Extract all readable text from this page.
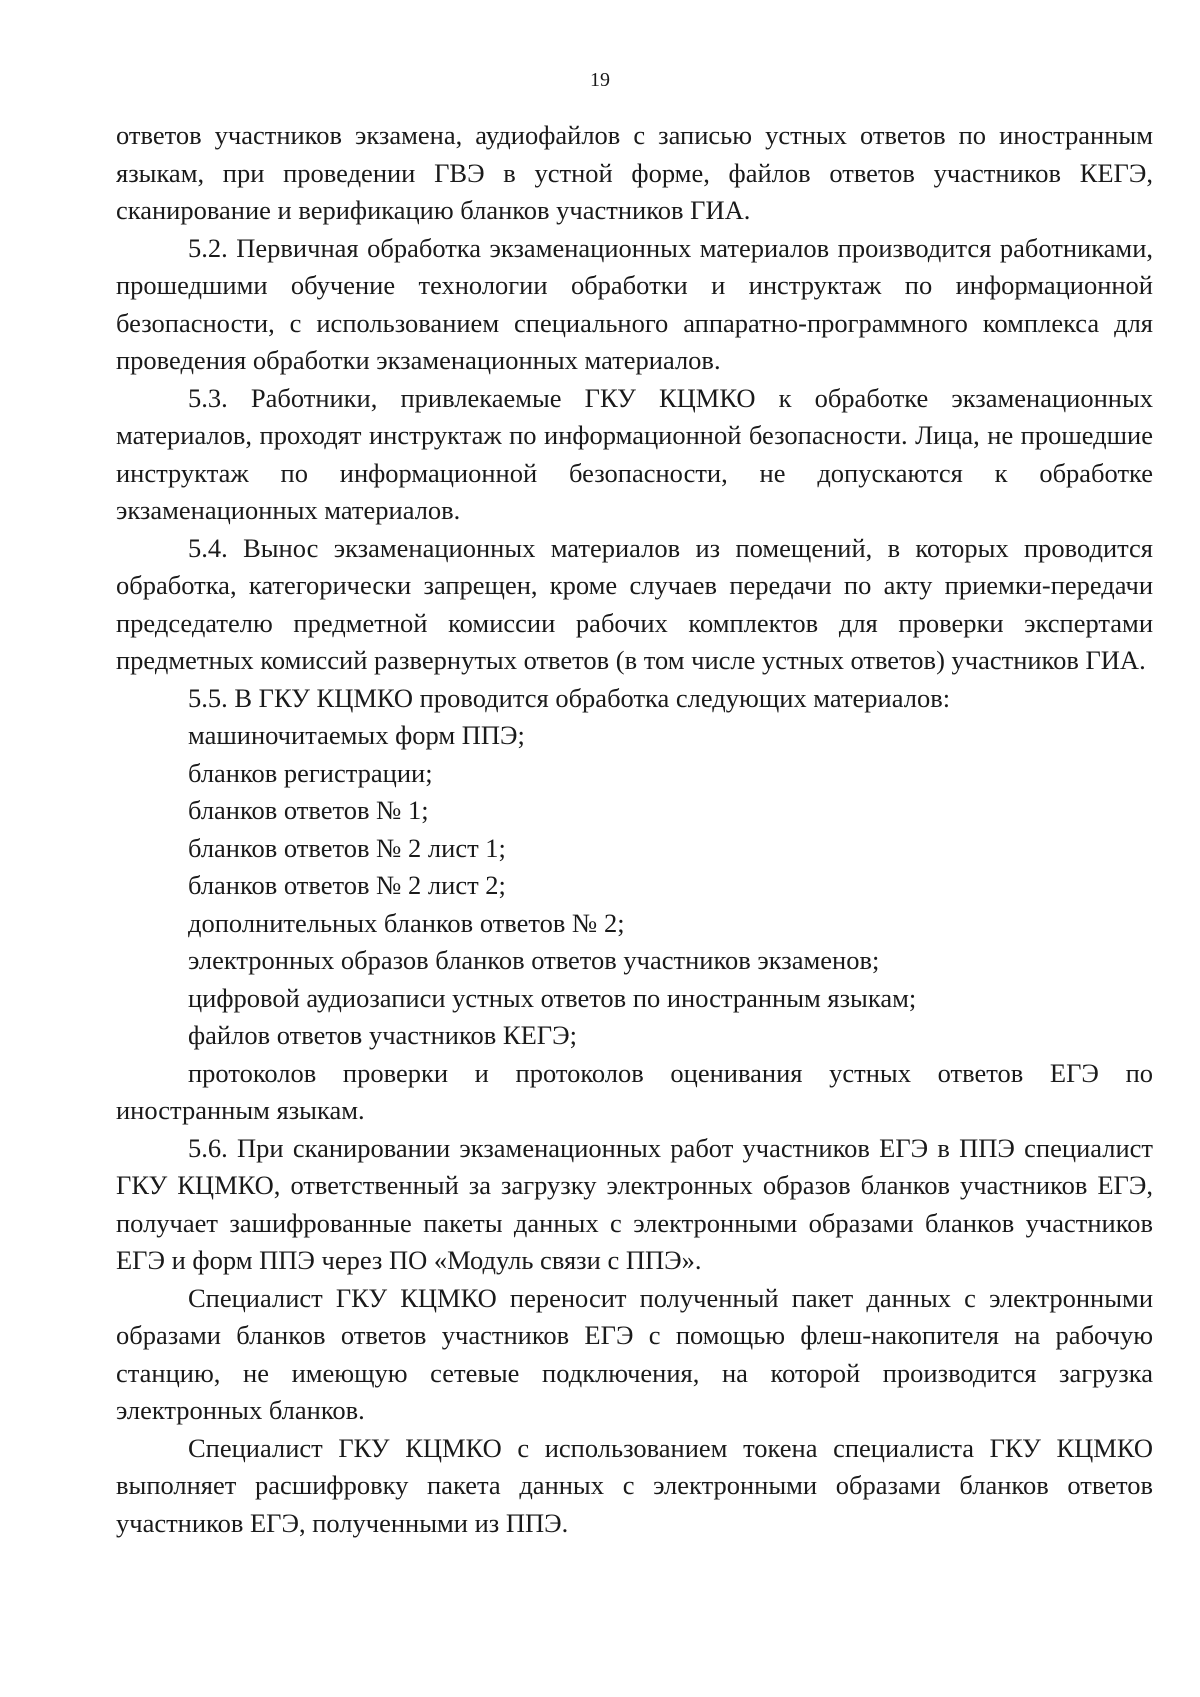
19

ответов участников экзамена, аудиофайлов с записью устных ответов по иностранным языкам, при проведении ГВЭ в устной форме, файлов ответов участников КЕГЭ, сканирование и верификацию бланков участников ГИА.

5.2. Первичная обработка экзаменационных материалов производится работниками, прошедшими обучение технологии обработки и инструктаж по информационной безопасности, с использованием специального аппаратно-программного комплекса для проведения обработки экзаменационных материалов.

5.3. Работники, привлекаемые ГКУ КЦМКО к обработке экзаменационных материалов, проходят инструктаж по информационной безопасности. Лица, не прошедшие инструктаж по информационной безопасности, не допускаются к обработке экзаменационных материалов.

5.4. Вынос экзаменационных материалов из помещений, в которых проводится обработка, категорически запрещен, кроме случаев передачи по акту приемки-передачи председателю предметной комиссии рабочих комплектов для проверки экспертами предметных комиссий развернутых ответов (в том числе устных ответов) участников ГИА.

5.5. В ГКУ КЦМКО проводится обработка следующих материалов:

машиночитаемых форм ППЭ;

бланков регистрации;

бланков ответов № 1;

бланков ответов № 2 лист 1;

бланков ответов № 2 лист 2;

дополнительных бланков ответов № 2;

электронных образов бланков ответов участников экзаменов;

цифровой аудиозаписи устных ответов по иностранным языкам;

файлов ответов участников КЕГЭ;

протоколов проверки и протоколов оценивания устных ответов ЕГЭ по иностранным языкам.

5.6. При сканировании экзаменационных работ участников ЕГЭ в ППЭ специалист ГКУ КЦМКО, ответственный за загрузку электронных образов бланков участников ЕГЭ, получает зашифрованные пакеты данных с электронными образами бланков участников ЕГЭ и форм ППЭ через ПО «Модуль связи с ППЭ».

Специалист ГКУ КЦМКО переносит полученный пакет данных с электронными образами бланков ответов участников ЕГЭ с помощью флеш-накопителя на рабочую станцию, не имеющую сетевые подключения, на которой производится загрузка электронных бланков.

Специалист ГКУ КЦМКО с использованием токена специалиста ГКУ КЦМКО выполняет расшифровку пакета данных с электронными образами бланков ответов участников ЕГЭ, полученными из ППЭ.
